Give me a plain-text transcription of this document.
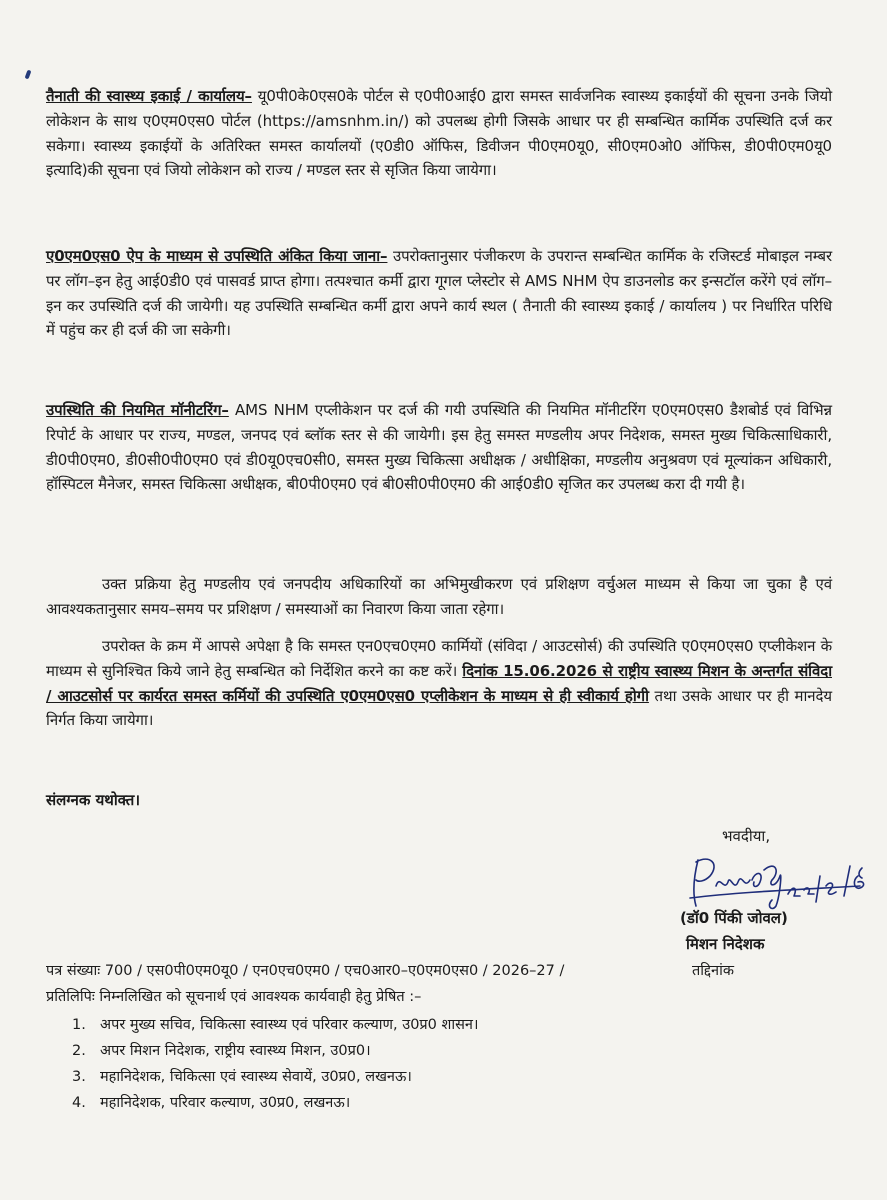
तैनाती की स्वास्थ्य इकाई / कार्यालय– यू0पी0के0एस0के पोर्टल से ए0पी0आई0 द्वारा समस्त सार्वजनिक स्वास्थ्य इकाईयों की सूचना उनके जियो लोकेशन के साथ ए0एम0एस0 पोर्टल (https://amsnhm.in/) को उपलब्ध होगी जिसके आधार पर ही सम्बन्धित कार्मिक उपस्थिति दर्ज कर सकेगा। स्वास्थ्य इकाईयों के अतिरिक्त समस्त कार्यालयों (ए0डी0 ऑफिस, डिवीजन पी0एम0यू0, सी0एम0ओ0 ऑफिस, डी0पी0एम0यू0 इत्यादि)की सूचना एवं जियो लोकेशन को राज्य / मण्डल स्तर से सृजित किया जायेगा।

ए0एम0एस0 ऐप के माध्यम से उपस्थिति अंकित किया जाना– उपरोक्तानुसार पंजीकरण के उपरान्त सम्बन्धित कार्मिक के रजिस्टर्ड मोबाइल नम्बर पर लॉग–इन हेतु आई0डी0 एवं पासवर्ड प्राप्त होगा। तत्पश्चात कर्मी द्वारा गूगल प्लेस्टोर से AMS NHM ऐप डाउनलोड कर इन्सटॉल करेंगे एवं लॉग–इन कर उपस्थिति दर्ज की जायेगी। यह उपस्थिति सम्बन्धित कर्मी द्वारा अपने कार्य स्थल ( तैनाती की स्वास्थ्य इकाई / कार्यालय ) पर निर्धारित परिधि में पहुंच कर ही दर्ज की जा सकेगी।

उपस्थिति की नियमित मॉनीटरिंग– AMS NHM एप्लीकेशन पर दर्ज की गयी उपस्थिति की नियमित मॉनीटरिंग ए0एम0एस0 डैशबोर्ड एवं विभिन्न रिपोर्ट के आधार पर राज्य, मण्डल, जनपद एवं ब्लॉक स्तर से की जायेगी। इस हेतु समस्त मण्डलीय अपर निदेशक, समस्त मुख्य चिकित्साधिकारी, डी0पी0एम0, डी0सी0पी0एम0 एवं डी0यू0एच0सी0, समस्त मुख्य चिकित्सा अधीक्षक / अधीक्षिका, मण्डलीय अनुश्रवण एवं मूल्यांकन अधिकारी, हॉस्पिटल मैनेजर, समस्त चिकित्सा अधीक्षक, बी0पी0एम0 एवं बी0सी0पी0एम0 की आई0डी0 सृजित कर उपलब्ध करा दी गयी है।

उक्त प्रक्रिया हेतु मण्डलीय एवं जनपदीय अधिकारियों का अभिमुखीकरण एवं प्रशिक्षण वर्चुअल माध्यम से किया जा चुका है एवं आवश्यकतानुसार समय–समय पर प्रशिक्षण / समस्याओं का निवारण किया जाता रहेगा।

उपरोक्त के क्रम में आपसे अपेक्षा है कि समस्त एन0एच0एम0 कार्मियों (संविदा / आउटसोर्स) की उपस्थिति ए0एम0एस0 एप्लीकेशन के माध्यम से सुनिश्चित किये जाने हेतु सम्बन्धित को निर्देशित करने का कष्ट करें। दिनांक 15.06.2026 से राष्ट्रीय स्वास्थ्य मिशन के अन्तर्गत संविदा / आउटसोर्स पर कार्यरत समस्त कर्मियों की उपस्थिति ए0एम0एस0 एप्लीकेशन के माध्यम से ही स्वीकार्य होगी तथा उसके आधार पर ही मानदेय निर्गत किया जायेगा।

संलग्नक यथोक्त।
भवदीया,
(डॉ0 पिंकी जोवल)
मिशन निदेशक
पत्र संख्याः 700 / एस0पी0एम0यू0 / एन0एच0एम0 / एच0आर0–ए0एम0एस0 / 2026–27 /	तद्दिनांक
प्रतिलिपिः निम्नलिखित को सूचनार्थ एवं आवश्यक कार्यवाही हेतु प्रेषित :–
1. अपर मुख्य सचिव, चिकित्सा स्वास्थ्य एवं परिवार कल्याण, उ0प्र0 शासन।
2. अपर मिशन निदेशक, राष्ट्रीय स्वास्थ्य मिशन, उ0प्र0।
3. महानिदेशक, चिकित्सा एवं स्वास्थ्य सेवायें, उ0प्र0, लखनऊ।
4. महानिदेशक, परिवार कल्याण, उ0प्र0, लखनऊ।
